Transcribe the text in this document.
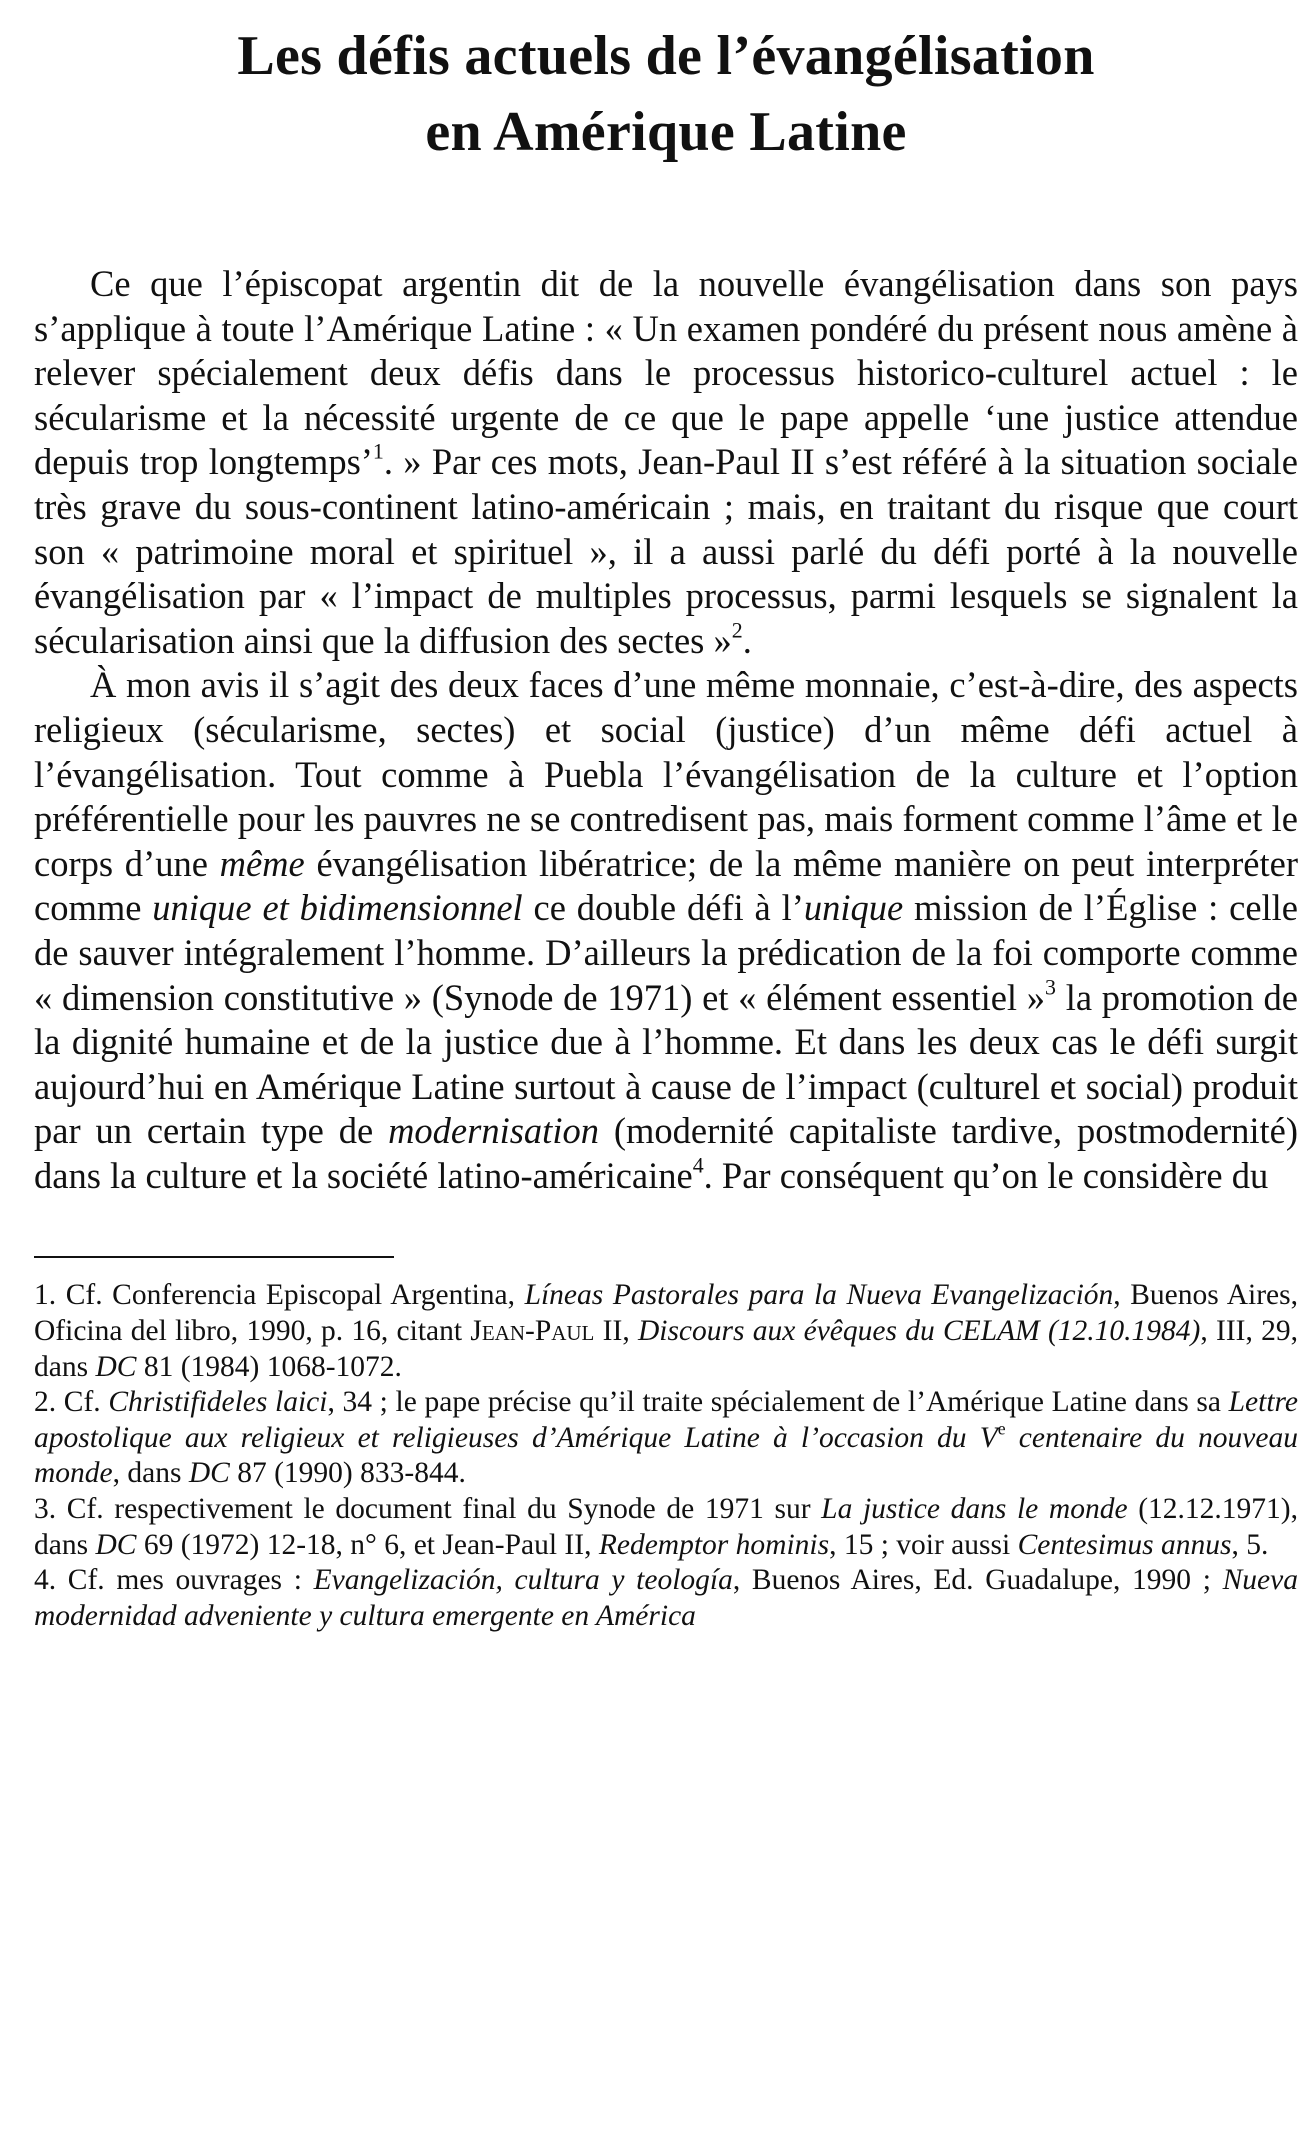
Les défis actuels de l’évangélisation
en Amérique Latine

Ce que l’épiscopat argentin dit de la nouvelle évangélisation dans son pays s’applique à toute l’Amérique Latine : « Un examen pondéré du présent nous amène à relever spécialement deux défis dans le processus historico-culturel actuel : le sécularisme et la nécessité urgente de ce que le pape appelle ‘une justice attendue depuis trop longtemps’$^1$. » Par ces mots, Jean-Paul II s’est référé à la situation sociale très grave du sous-continent latino-américain ; mais, en traitant du risque que court son « patrimoine moral et spirituel », il a aussi parlé du défi porté à la nouvelle évangélisation par « l’impact de multiples processus, parmi lesquels se signalent la sécularisation ainsi que la diffusion des sectes »$^2$.

À mon avis il s’agit des deux faces d’une même monnaie, c’est-à-dire, des aspects religieux (sécularisme, sectes) et social (justice) d’un même défi actuel à l’évangélisation. Tout comme à Puebla l’évangélisation de la culture et l’option préférentielle pour les pauvres ne se contredisent pas, mais forment comme l’âme et le corps d’une même évangélisation libératrice; de la même manière on peut interpréter comme unique et bidimensionnel ce double défi à l’unique mission de l’Église : celle de sauver intégralement l’homme. D’ailleurs la prédication de la foi comporte comme « dimension constitutive » (Synode de 1971) et « élément essentiel »$^3$ la promotion de la dignité humaine et de la justice due à l’homme. Et dans les deux cas le défi surgit aujourd’hui en Amérique Latine surtout à cause de l’impact (culturel et social) produit par un certain type de modernisation (modernité capitaliste tardive, postmodernité) dans la culture et la société latino-américaine$^4$. Par conséquent qu’on le considère du

1. Cf. Conferencia Episcopal Argentina, Líneas Pastorales para la Nueva Evangelización, Buenos Aires, Oficina del libro, 1990, p. 16, citant Jean-Paul II, Discours aux évêques du CELAM (12.10.1984), III, 29, dans DC 81 (1984) 1068-1072.

2. Cf. Christifideles laici, 34 ; le pape précise qu’il traite spécialement de l’Amérique Latine dans sa Lettre apostolique aux religieux et religieuses d’Amérique Latine à l’occasion du Ve centenaire du nouveau monde, dans DC 87 (1990) 833-844.

3. Cf. respectivement le document final du Synode de 1971 sur La justice dans le monde (12.12.1971), dans DC 69 (1972) 12-18, n° 6, et Jean-Paul II, Redemptor hominis, 15 ; voir aussi Centesimus annus, 5.

4. Cf. mes ouvrages : Evangelización, cultura y teología, Buenos Aires, Ed. Guadalupe, 1990 ; Nueva modernidad adveniente y cultura emergente en América
